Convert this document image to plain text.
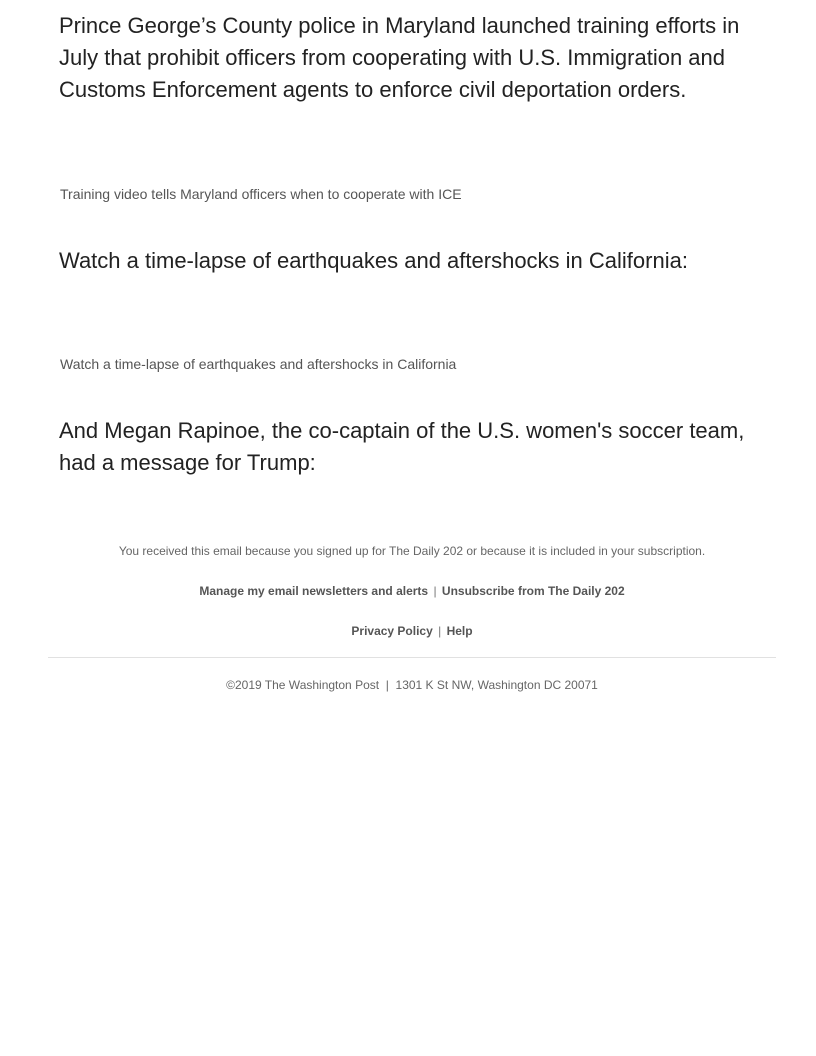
Prince George’s County police in Maryland launched training efforts in July that prohibit officers from cooperating with U.S. Immigration and Customs Enforcement agents to enforce civil deportation orders.

Training video tells Maryland officers when to cooperate with ICE

Watch a time-lapse of earthquakes and aftershocks in California:

Watch a time-lapse of earthquakes and aftershocks in California

And Megan Rapinoe, the co-captain of the U.S. women's soccer team, had a message for Trump:

You received this email because you signed up for The Daily 202 or because it is included in your subscription.

Manage my email newsletters and alerts | Unsubscribe from The Daily 202

Privacy Policy | Help

©2019 The Washington Post  |  1301 K St NW, Washington DC 20071
